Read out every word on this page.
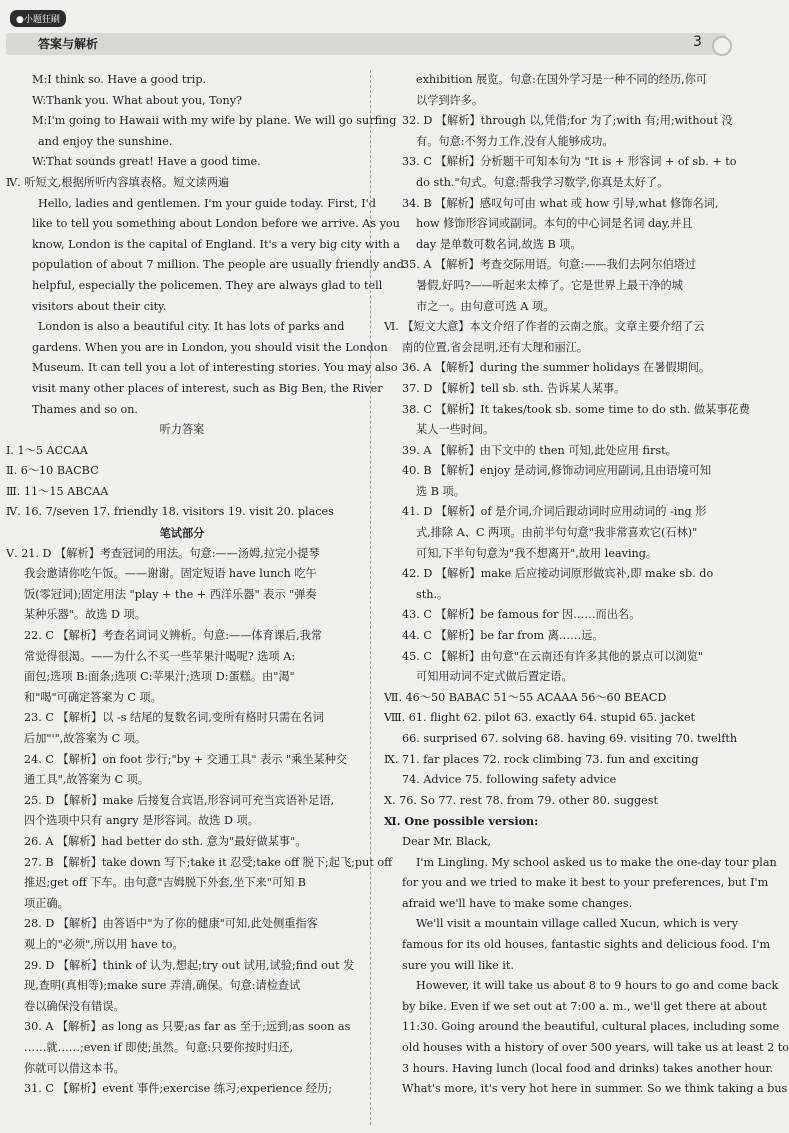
●小题狂刷
答案与解析	3
M:I think so. Have a good trip.
W:Thank you. What about you, Tony?
M:I'm going to Hawaii with my wife by plane. We will go surfing
and enjoy the sunshine.
W:That sounds great! Have a good time.
Ⅳ. 听短文,根据所听内容填表格。短文读两遍
Hello, ladies and gentlemen. I'm your guide today. First, I'd
like to tell you something about London before we arrive. As you
know, London is the capital of England. It's a very big city with a
population of about 7 million. The people are usually friendly and
helpful, especially the policemen. They are always glad to tell
visitors about their city.
London is also a beautiful city. It has lots of parks and
gardens. When you are in London, you should visit the London
Museum. It can tell you a lot of interesting stories. You may also
visit many other places of interest, such as Big Ben, the River
Thames and so on.
听力答案
Ⅰ. 1～5 ACCAA
Ⅱ. 6～10 BACBC
Ⅲ. 11～15 ABCAA
Ⅳ. 16. 7/seven 17. friendly 18. visitors 19. visit 20. places
笔试部分
Ⅴ. 21. D 【解析】考查冠词的用法。句意:——汤姆,拉完小提琴
我会邀请你吃午饭。——谢谢。固定短语 have lunch 吃午
饭(零冠词);固定用法 "play + the + 西洋乐器" 表示 "弹奏
某种乐器"。故选 D 项。
22. C 【解析】考查名词词义辨析。句意:——体育课后,我常
常觉得很渴。——为什么不买一些苹果汁喝呢? 选项 A:
面包;选项 B:面条;选项 C:苹果汁;选项 D:蛋糕。由"渴"
和"喝"可确定答案为 C 项。
23. C 【解析】以 -s 结尾的复数名词,变所有格时只需在名词
后加"'",故答案为 C 项。
24. C 【解析】on foot 步行;"by + 交通工具" 表示 "乘坐某种交
通工具",故答案为 C 项。
25. D 【解析】make 后接复合宾语,形容词可充当宾语补足语,
四个选项中只有 angry 是形容词。故选 D 项。
26. A 【解析】had better do sth. 意为"最好做某事"。
27. B 【解析】take down 写下;take it 忍受;take off 脱下;起飞;put off
推迟;get off 下车。由句意"吉姆脱下外套,坐下来"可知 B
项正确。
28. D 【解析】由答语中"为了你的健康"可知,此处侧重指客
观上的"必须",所以用 have to。
29. D 【解析】think of 认为,想起;try out 试用,试验;find out 发
现,查明(真相等);make sure 弄清,确保。句意:请检查试
卷以确保没有错误。
30. A 【解析】as long as 只要;as far as 至于;远到;as soon as
……就……;even if 即使;虽然。句意:只要你按时归还,
你就可以借这本书。
31. C 【解析】event 事件;exercise 练习;experience 经历;
exhibition 展览。句意:在国外学习是一种不同的经历,你可
以学到许多。
32. D 【解析】through 以,凭借;for 为了;with 有;用;without 没
有。句意:不努力工作,没有人能够成功。
33. C 【解析】分析题干可知本句为 "It is + 形容词 + of sb. + to
do sth."句式。句意:帮我学习数学,你真是太好了。
34. B 【解析】感叹句可由 what 或 how 引导,what 修饰名词,
how 修饰形容词或副词。本句的中心词是名词 day,并且
day 是单数可数名词,故选 B 项。
35. A 【解析】考查交际用语。句意:——我们去阿尔伯塔过
暑假,好吗?——听起来太棒了。它是世界上最干净的城
市之一。由句意可选 A 项。
Ⅵ. 【短文大意】本文介绍了作者的云南之旅。文章主要介绍了云
南的位置,省会昆明,还有大理和丽江。
36. A 【解析】during the summer holidays 在暑假期间。
37. D 【解析】tell sb. sth. 告诉某人某事。
38. C 【解析】It takes/took sb. some time to do sth. 做某事花费
某人一些时间。
39. A 【解析】由下文中的 then 可知,此处应用 first。
40. B 【解析】enjoy 是动词,修饰动词应用副词,且由语境可知
选 B 项。
41. D 【解析】of 是介词,介词后跟动词时应用动词的 -ing 形
式,排除 A、C 两项。由前半句句意"我非常喜欢它(石林)"
可知,下半句句意为"我不想离开",故用 leaving。
42. D 【解析】make 后应接动词原形做宾补,即 make sb. do
sth.。
43. C 【解析】be famous for 因……而出名。
44. C 【解析】be far from 离……远。
45. C 【解析】由句意"在云南还有许多其他的景点可以浏览"
可知用动词不定式做后置定语。
Ⅶ. 46～50 BABAC 51～55 ACAAA 56～60 BEACD
Ⅷ. 61. flight 62. pilot 63. exactly 64. stupid 65. jacket
66. surprised 67. solving 68. having 69. visiting 70. twelfth
Ⅸ. 71. far places 72. rock climbing 73. fun and exciting
74. Advice 75. following safety advice
Ⅹ. 76. So 77. rest 78. from 79. other 80. suggest
Ⅺ. One possible version:
Dear Mr. Black,
I'm Lingling. My school asked us to make the one-day tour plan
for you and we tried to make it best to your preferences, but I'm
afraid we'll have to make some changes.
We'll visit a mountain village called Xucun, which is very
famous for its old houses, fantastic sights and delicious food. I'm
sure you will like it.
However, it will take us about 8 to 9 hours to go and come back
by bike. Even if we set out at 7:00 a. m., we'll get there at about
11:30. Going around the beautiful, cultural places, including some
old houses with a history of over 500 years, will take us at least 2 to
3 hours. Having lunch (local food and drinks) takes another hour.
What's more, it's very hot here in summer. So we think taking a bus
